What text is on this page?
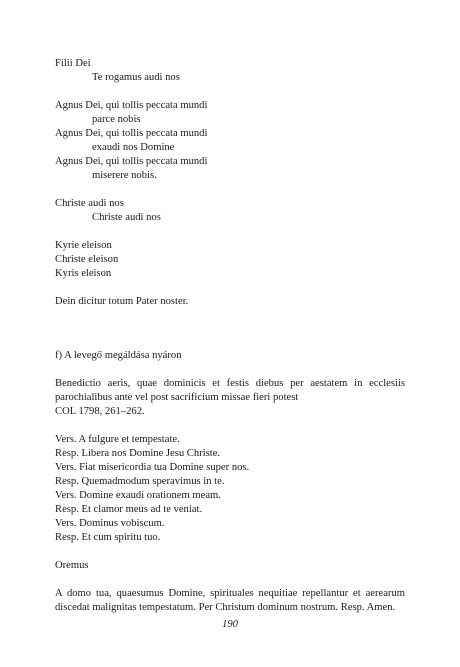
Filii Dei
Te rogamus audi nos
Agnus Dei, qui tollis peccata mundi
parce nobis
Agnus Dei, qui tollis peccata mundi
exaudi nos Domine
Agnus Dei, qui tollis peccata mundi
miserere nobis.
Christe audi nos
Christe audi nos
Kyrie eleison
Christe eleison
Kyris eleison
Dein dicitur totum Pater noster.
f) A levegő megáldása nyáron
Benedictio aeris, quae dominicis et festis diebus per aestatem in ecclesiis parochialibus ante vel post sacrificium missae fieri potest
COL 1798, 261–262.
Vers. A fulgure et tempestate.
Resp. Libera nos Domine Jesu Christe.
Vers. Fiat misericordia tua Domine super nos.
Resp. Quemadmodum speravimus in te.
Vers. Domine exaudi orationem meam.
Resp. Et clamor meus ad te veniat.
Vers. Dominus vobiscum.
Resp. Et cum spiritu tuo.
Oremus
A domo tua, quaesumus Domine, spirituales nequitiae repellantur et aerearum discedat malignitas tempestatum. Per Christum dominum nostrum. Resp. Amen.
190
